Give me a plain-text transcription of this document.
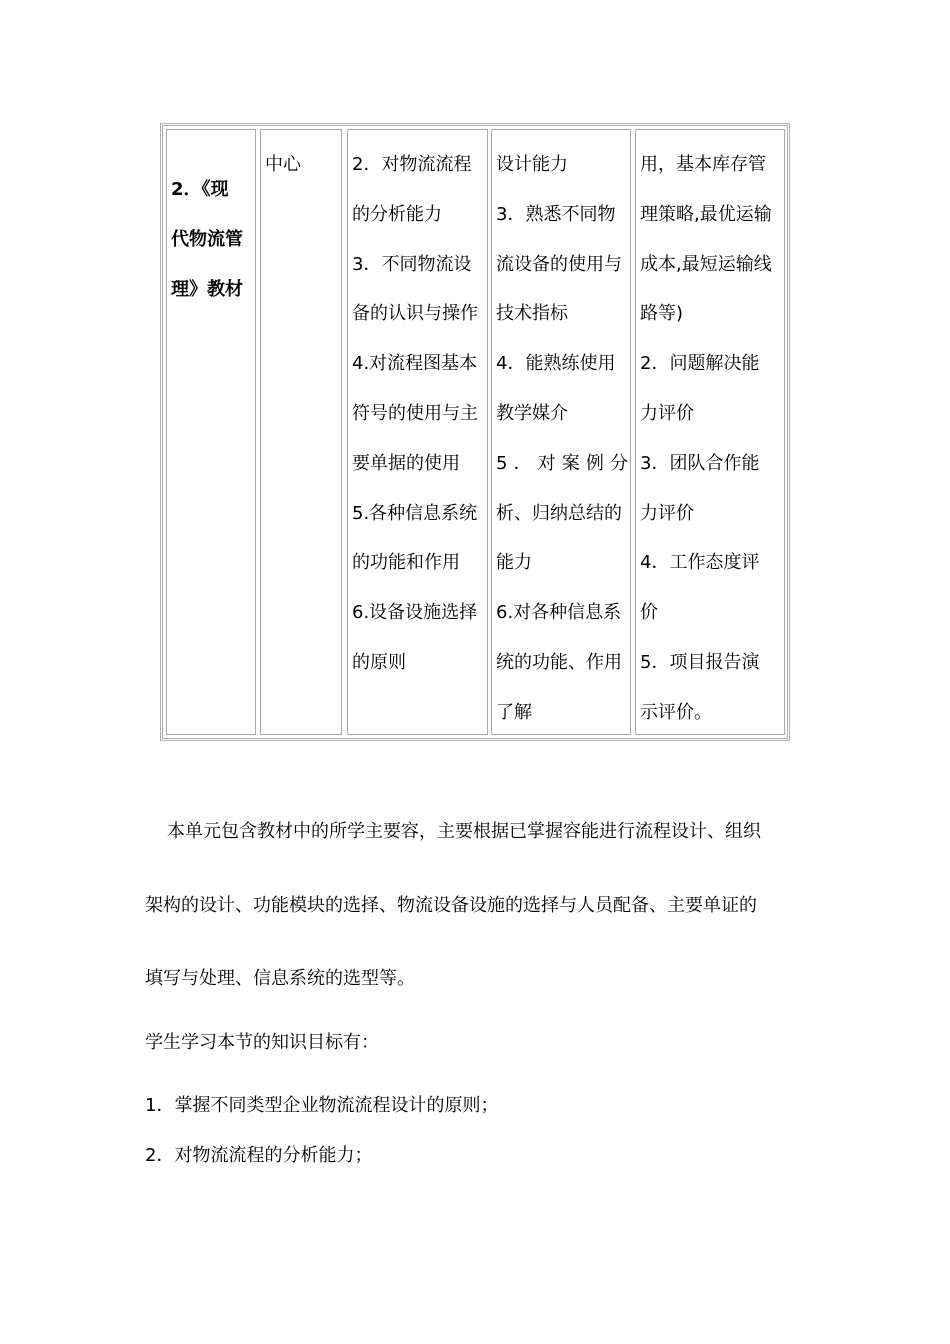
2．《现
代物流管
理》教材
中心	2．对物流流程
的分析能力
3．不同物流设
备的认识与操作
4.对流程图基本
符号的使用与主
要单据的使用
5.各种信息系统
的功能和作用
6.设备设施选择
的原则
设计能力
3．熟悉不同物
流设备的使用与
技术指标
4．能熟练使用
教学媒介
5 ． 对 案 例 分
析、归纳总结的
能力
6.对各种信息系
统的功能、作用
了解
用，基本库存管
理策略,最优运输
成本,最短运输线
路等)
2．问题解决能
力评价
3．团队合作能
力评价
4．工作态度评
价
5．项目报告演
示评价。
本单元包含教材中的所学主要容，主要根据已掌握容能进行流程设计、组织
架构的设计、功能模块的选择、物流设备设施的选择与人员配备、主要单证的
填写与处理、信息系统的选型等。
学生学习本节的知识目标有：
1．掌握不同类型企业物流流程设计的原则；
2．对物流流程的分析能力；
